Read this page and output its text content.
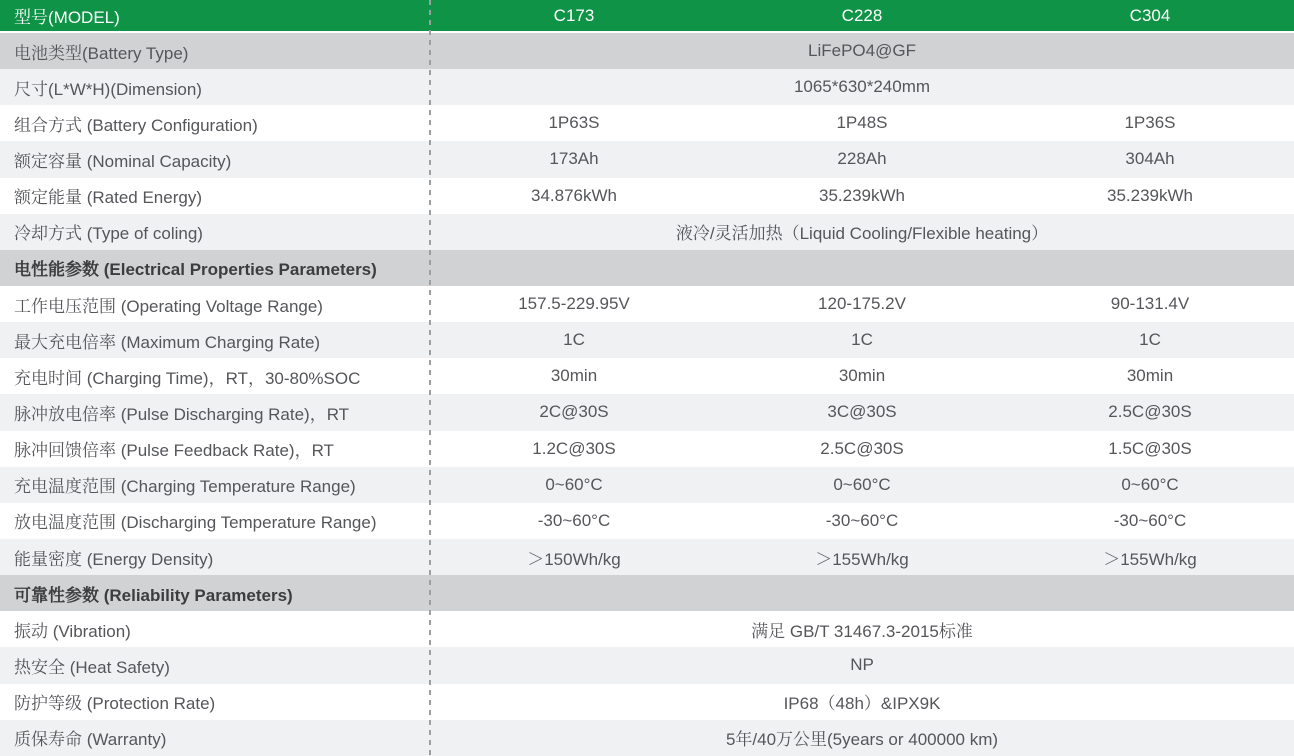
型号(MODEL)	C173	C228	C304
电池类型(Battery Type)	LiFePO4@GF
尺寸(L*W*H)(Dimension)	1065*630*240mm
组合方式 (Battery Configuration)	1P63S	1P48S	1P36S
额定容量 (Nominal Capacity)	173Ah	228Ah	304Ah
额定能量 (Rated Energy)	34.876kWh	35.239kWh	35.239kWh
冷却方式 (Type of coling)	液冷/灵活加热（Liquid Cooling/Flexible heating）
电性能参数 (Electrical Properties Parameters)
工作电压范围 (Operating Voltage Range)	157.5-229.95V	120-175.2V	90-131.4V
最大充电倍率 (Maximum Charging Rate)	1C	1C	1C
充电时间 (Charging Time)，RT，30-80%SOC	30min	30min	30min
脉冲放电倍率 (Pulse Discharging Rate)，RT	2C@30S	3C@30S	2.5C@30S
脉冲回馈倍率 (Pulse Feedback Rate)，RT	1.2C@30S	2.5C@30S	1.5C@30S
充电温度范围 (Charging Temperature Range)	0~60°C	0~60°C	0~60°C
放电温度范围 (Discharging Temperature Range)	-30~60°C	-30~60°C	-30~60°C
能量密度 (Energy Density)	＞150Wh/kg	＞155Wh/kg	＞155Wh/kg
可靠性参数 (Reliability Parameters)
振动 (Vibration)	满足 GB/T 31467.3-2015标准
热安全 (Heat Safety)	NP
防护等级 (Protection Rate)	IP68（48h）&IPX9K
质保寿命 (Warranty)	5年/40万公里(5years or 400000 km)
